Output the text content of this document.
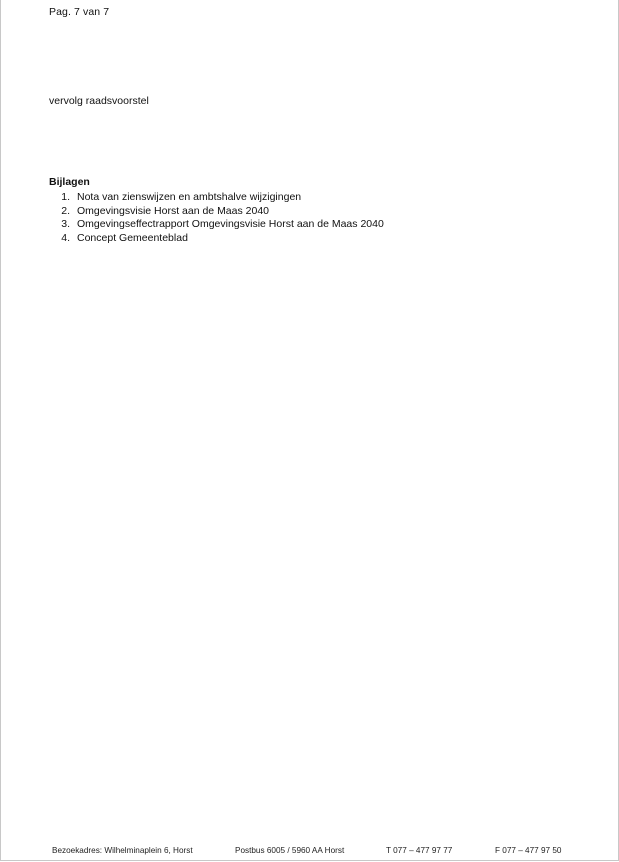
Pag. 7 van 7
vervolg raadsvoorstel
Bijlagen
1. Nota van zienswijzen en ambtshalve wijzigingen
2. Omgevingsvisie Horst aan de Maas 2040
3. Omgevingseffectrapport Omgevingsvisie Horst aan de Maas 2040
4. Concept Gemeenteblad
Bezoekadres: Wilhelminaplein 6, Horst	Postbus 6005 / 5960 AA Horst	T 077 – 477 97 77	F 077 – 477 97 50
